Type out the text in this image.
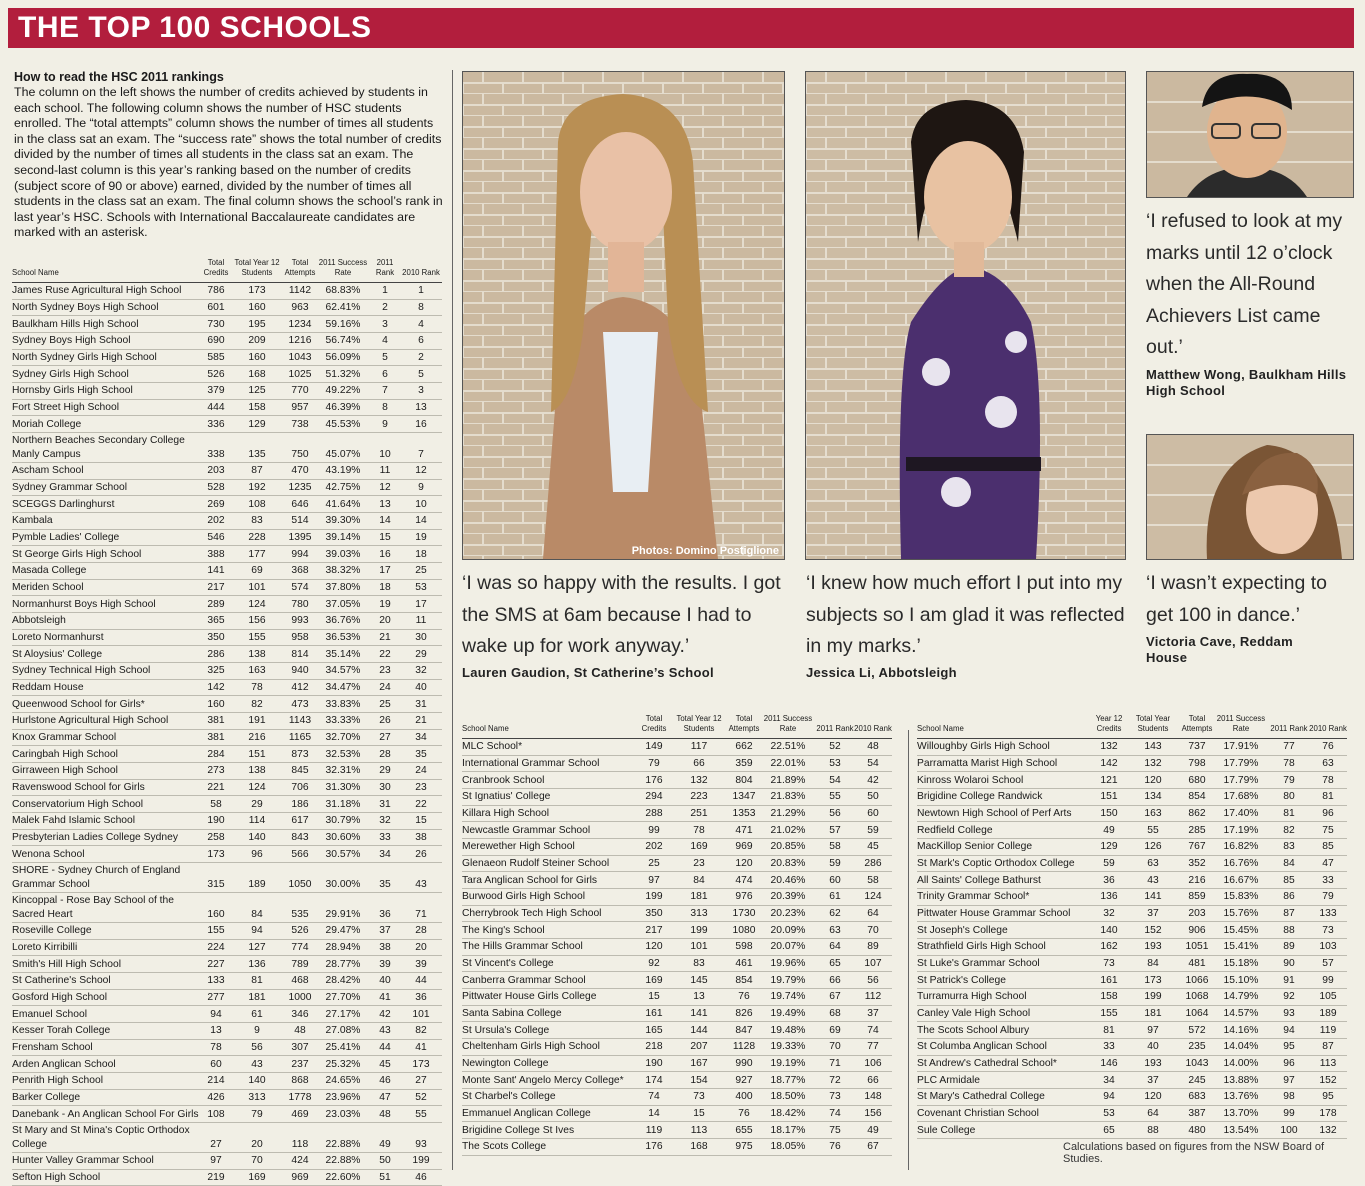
THE TOP 100 SCHOOLS
How to read the HSC 2011 rankings

The column on the left shows the number of credits achieved by students in each school. The following column shows the number of HSC students enrolled. The “total attempts” column shows the number of times all students in the class sat an exam. The “success rate” shows the total number of credits divided by the number of times all students in the class sat an exam. The second-last column is this year’s ranking based on the number of credits (subject score of 90 or above) earned, divided by the number of times all students in the class sat an exam. The final column shows the school’s rank in last year’s HSC. Schools with International Baccalaureate candidates are marked with an asterisk.

School Name	Total Credits	Total Year 12 Students	Total Attempts	2011 Success Rate	2011 Rank	2010 Rank
James Ruse Agricultural High School	786	173	1142	68.83%	1	1
North Sydney Boys High School	601	160	963	62.41%	2	8
Baulkham Hills High School	730	195	1234	59.16%	3	4
Sydney Boys High School	690	209	1216	56.74%	4	6
North Sydney Girls High School	585	160	1043	56.09%	5	2
Sydney Girls High School	526	168	1025	51.32%	6	5
Hornsby Girls High School	379	125	770	49.22%	7	3
Fort Street High School	444	158	957	46.39%	8	13
Moriah College	336	129	738	45.53%	9	16
Northern Beaches Secondary College Manly Campus	338	135	750	45.07%	10	7
Ascham School	203	87	470	43.19%	11	12
Sydney Grammar School	528	192	1235	42.75%	12	9
SCEGGS Darlinghurst	269	108	646	41.64%	13	10
Kambala	202	83	514	39.30%	14	14
Pymble Ladies' College	546	228	1395	39.14%	15	19
St George Girls High School	388	177	994	39.03%	16	18
Masada College	141	69	368	38.32%	17	25
Meriden School	217	101	574	37.80%	18	53
Normanhurst Boys High School	289	124	780	37.05%	19	17
Abbotsleigh	365	156	993	36.76%	20	11
Loreto Normanhurst	350	155	958	36.53%	21	30
St Aloysius' College	286	138	814	35.14%	22	29
Sydney Technical High School	325	163	940	34.57%	23	32
Reddam House	142	78	412	34.47%	24	40
Queenwood School for Girls*	160	82	473	33.83%	25	31
Hurlstone Agricultural High School	381	191	1143	33.33%	26	21
Knox Grammar School	381	216	1165	32.70%	27	34
Caringbah High School	284	151	873	32.53%	28	35
Girraween High School	273	138	845	32.31%	29	24
Ravenswood School for Girls	221	124	706	31.30%	30	23
Conservatorium High School	58	29	186	31.18%	31	22
Malek Fahd Islamic School	190	114	617	30.79%	32	15
Presbyterian Ladies College Sydney	258	140	843	30.60%	33	38
Wenona School	173	96	566	30.57%	34	26
SHORE - Sydney Church of England Grammar School	315	189	1050	30.00%	35	43
Kincoppal - Rose Bay School of the Sacred Heart	160	84	535	29.91%	36	71
Roseville College	155	94	526	29.47%	37	28
Loreto Kirribilli	224	127	774	28.94%	38	20
Smith's Hill High School	227	136	789	28.77%	39	39
St Catherine's School	133	81	468	28.42%	40	44
Gosford High School	277	181	1000	27.70%	41	36
Emanuel School	94	61	346	27.17%	42	101
Kesser Torah College	13	9	48	27.08%	43	82
Frensham School	78	56	307	25.41%	44	41
Arden Anglican School	60	43	237	25.32%	45	173
Penrith High School	214	140	868	24.65%	46	27
Barker College	426	313	1778	23.96%	47	52
Danebank - An Anglican School For Girls	108	79	469	23.03%	48	55
St Mary and St Mina's Coptic Orthodox College	27	20	118	22.88%	49	93
Hunter Valley Grammar School	97	70	424	22.88%	50	199
Sefton High School	219	169	969	22.60%	51	46
Photos: Domino Postiglione

‘I was so happy with the results. I got the SMS at 6am because I had to wake up for work anyway.’

Lauren Gaudion, St Catherine’s School

‘I knew how much effort I put into my subjects so I am glad it was reflected in my marks.’

Jessica Li, Abbotsleigh

‘I refused to look at my marks until 12 o’clock when the All-Round Achievers List came out.’

Matthew Wong, Baulkham Hills High School

‘I wasn’t expecting to get 100 in dance.’

Victoria Cave, Reddam House
School Name	Total Credits	Total Year 12 Students	Total Attempts	2011 Success Rate	2011 Rank	2010 Rank
MLC School*	149	117	662	22.51%	52	48
International Grammar School	79	66	359	22.01%	53	54
Cranbrook School	176	132	804	21.89%	54	42
St Ignatius' College	294	223	1347	21.83%	55	50
Killara High School	288	251	1353	21.29%	56	60
Newcastle Grammar School	99	78	471	21.02%	57	59
Merewether High School	202	169	969	20.85%	58	45
Glenaeon Rudolf Steiner School	25	23	120	20.83%	59	286
Tara Anglican School for Girls	97	84	474	20.46%	60	58
Burwood Girls High School	199	181	976	20.39%	61	124
Cherrybrook Tech High School	350	313	1730	20.23%	62	64
The King's School	217	199	1080	20.09%	63	70
The Hills Grammar School	120	101	598	20.07%	64	89
St Vincent's College	92	83	461	19.96%	65	107
Canberra Grammar School	169	145	854	19.79%	66	56
Pittwater House Girls College	15	13	76	19.74%	67	112
Santa Sabina College	161	141	826	19.49%	68	37
St Ursula's College	165	144	847	19.48%	69	74
Cheltenham Girls High School	218	207	1128	19.33%	70	77
Newington College	190	167	990	19.19%	71	106
Monte Sant' Angelo Mercy College*	174	154	927	18.77%	72	66
St Charbel's College	74	73	400	18.50%	73	148
Emmanuel Anglican College	14	15	76	18.42%	74	156
Brigidine College St Ives	119	113	655	18.17%	75	49
The Scots College	176	168	975	18.05%	76	67
School Name	Year 12 Credits	Total Year Students	Total Attempts	2011 Success Rate	2011 Rank	2010 Rank
Willoughby Girls High School	132	143	737	17.91%	77	76
Parramatta Marist High School	142	132	798	17.79%	78	63
Kinross Wolaroi School	121	120	680	17.79%	79	78
Brigidine College Randwick	151	134	854	17.68%	80	81
Newtown High School of Perf Arts	150	163	862	17.40%	81	96
Redfield College	49	55	285	17.19%	82	75
MacKillop Senior College	129	126	767	16.82%	83	85
St Mark's Coptic Orthodox College	59	63	352	16.76%	84	47
All Saints' College Bathurst	36	43	216	16.67%	85	33
Trinity Grammar School*	136	141	859	15.83%	86	79
Pittwater House Grammar School	32	37	203	15.76%	87	133
St Joseph's College	140	152	906	15.45%	88	73
Strathfield Girls High School	162	193	1051	15.41%	89	103
St Luke's Grammar School	73	84	481	15.18%	90	57
St Patrick's College	161	173	1066	15.10%	91	99
Turramurra High School	158	199	1068	14.79%	92	105
Canley Vale High School	155	181	1064	14.57%	93	189
The Scots School Albury	81	97	572	14.16%	94	119
St Columba Anglican School	33	40	235	14.04%	95	87
St Andrew's Cathedral School*	146	193	1043	14.00%	96	113
PLC Armidale	34	37	245	13.88%	97	152
St Mary's Cathedral College	94	120	683	13.76%	98	95
Covenant Christian School	53	64	387	13.70%	99	178
Sule College	65	88	480	13.54%	100	132
Calculations based on figures from the NSW Board of Studies.
